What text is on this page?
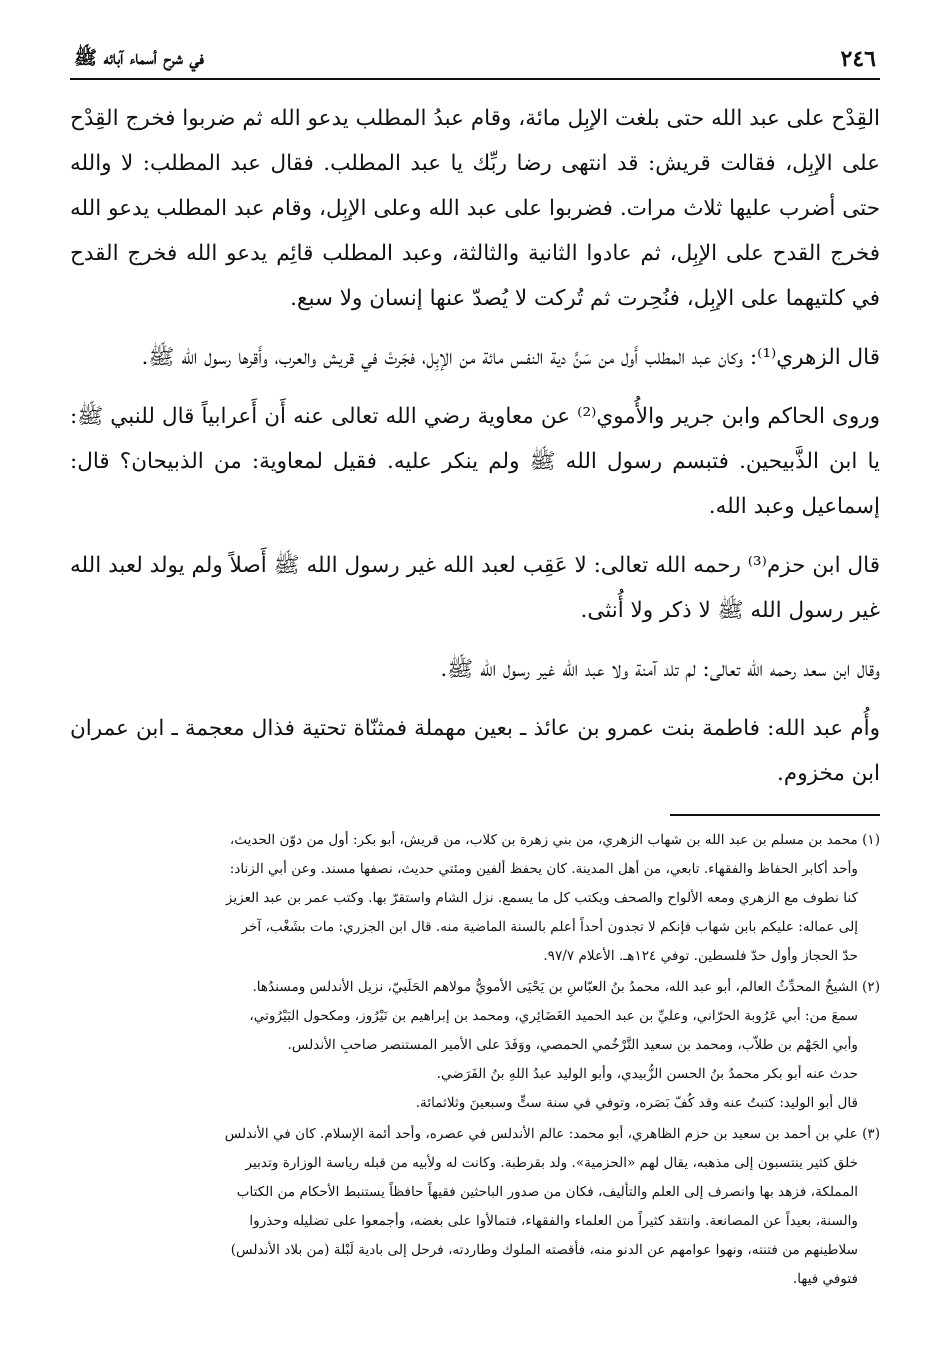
٢٤٦
في شرح أسماء آبائه ﷺ

القِدْح على عبد الله حتى بلغت الإبِل مائة، وقام عبدُ المطلب يدعو الله ثم ضربوا فخرج القِدْح على الإبِل، فقالت قريش: قد انتهى رضا ربِّك يا عبد المطلب. فقال عبد المطلب: لا والله حتى أضرب عليها ثلاث مرات. فضربوا على عبد الله وعلى الإبِل، وقام عبد المطلب يدعو الله فخرج القدح على الإبِل، ثم عادوا الثانية والثالثة، وعبد المطلب قائِم يدعو الله فخرج القدح في كلتيهما على الإبِل، فنُحِرت ثم تُركت لا يُصدّ عنها إنسان ولا سبع.

قال الزهري⁽¹⁾: وكان عبد المطلب أَول من سَنَّ دية النفس مائة من الإبِل، فجَرتْ في قريش والعرب، وأَقرها رسول الله ﷺ.

وروى الحاكم وابن جرير والأُموي⁽²⁾ عن معاوية رضي الله تعالى عنه أَن أَعرابياً قال للنبي ﷺ: يا ابن الذَّبيحين. فتبسم رسول الله ﷺ ولم ينكر عليه. فقيل لمعاوية: من الذبيحان؟ قال: إسماعيل وعبد الله.

قال ابن حزم⁽³⁾ رحمه الله تعالى: لا عَقِب لعبد الله غير رسول الله ﷺ أَصلاً ولم يولد لعبد الله غير رسول الله ﷺ لا ذكر ولا أُنثى.

وقال ابن سعد رحمه الله تعالى: لم تلد آمنة ولا عبد الله غير رسول الله ﷺ.

وأُم عبد الله: فاطمة بنت عمرو بن عائذ ـ بعين مهملة فمثنّاة تحتية فذال معجمة ـ ابن عمران ابن مخزوم.

(١) محمد بن مسلم بن عبد الله بن شهاب الزهري، من بني زهرة بن كلاب، من قريش، أبو بكر: أول من دوّن الحديث،

وأحد أكابر الحفاظ والفقهاء. تابعي، من أهل المدينة. كان يحفظ ألفين ومئتي حديث، نصفها مسند. وعن أبي الزناد:

كنا نطوف مع الزهري ومعه الألواح والصحف ويكتب كل ما يسمع. نزل الشام واستقرّ بها. وكتب عمر بن عبد العزيز

إلى عماله: عليكم بابن شهاب فإنكم لا تجدون أحداً أعلم بالسنة الماضية منه. قال ابن الجزري: مات بشَغْب، آخر

حدّ الحجاز وأول حدّ فلسطين. توفي ١٢٤هـ. الأعلام ٩٧/٧.

(٢) الشيخُ المحدِّثُ العالم، أبو عبد الله، محمدُ بنُ العبّاسِ بن يَحْيَى الأمويُّ مولاهم الحَلَبيّ، نزيل الأندلس ومسندُها.

سمعَ من: أبي عَرُوبة الحرّاني، وعليِّ بن عبد الحميد الغَضَائِري، ومحمد بن إبراهيم بن نَيْرُوز، ومكحول البَيْرُوتي،

وأبي الجَهْم بن طلاّب، ومحمد بن سعيد التَّرْخُمي الحمصي، ووَفَدَ على الأمير المستنصر صاحبِ الأندلس.

حدث عنه أبو بكر محمدُ بنُ الحسن الزُّبيدي، وأبو الوليد عبدُ اللهِ بنُ الفَرَضي.

قال أبو الوليد: كتبتُ عنه وقد كُفّ بَصَره، وتوفي في سنة ستٍّ وسبعينَ وثلاثمائة.

(٣) علي بن أحمد بن سعيد بن حزم الظاهري، أبو محمد: عالم الأندلس في عصره، وأحد أئمة الإسلام. كان في الأندلس

خلق كثير ينتسبون إلى مذهبه، يقال لهم «الحزمية». ولد بقرطبة. وكانت له ولأبيه من قبله رياسة الوزارة وتدبير

المملكة، فزهد بها وانصرف إلى العلم والتأليف، فكان من صدور الباحثين فقيهاً حافظاً يستنبط الأحكام من الكتاب

والسنة، بعيداً عن المصانعة. وانتقد كثيراً من العلماء والفقهاء، فتمالأوا على بغضه، وأجمعوا على تضليله وحذروا

سلاطينهم من فتنته، ونهوا عوامهم عن الدنو منه، فأقصته الملوك وطاردته، فرحل إلى بادية لَبْلة (من بلاد الأندلس)

فتوفي فيها.
